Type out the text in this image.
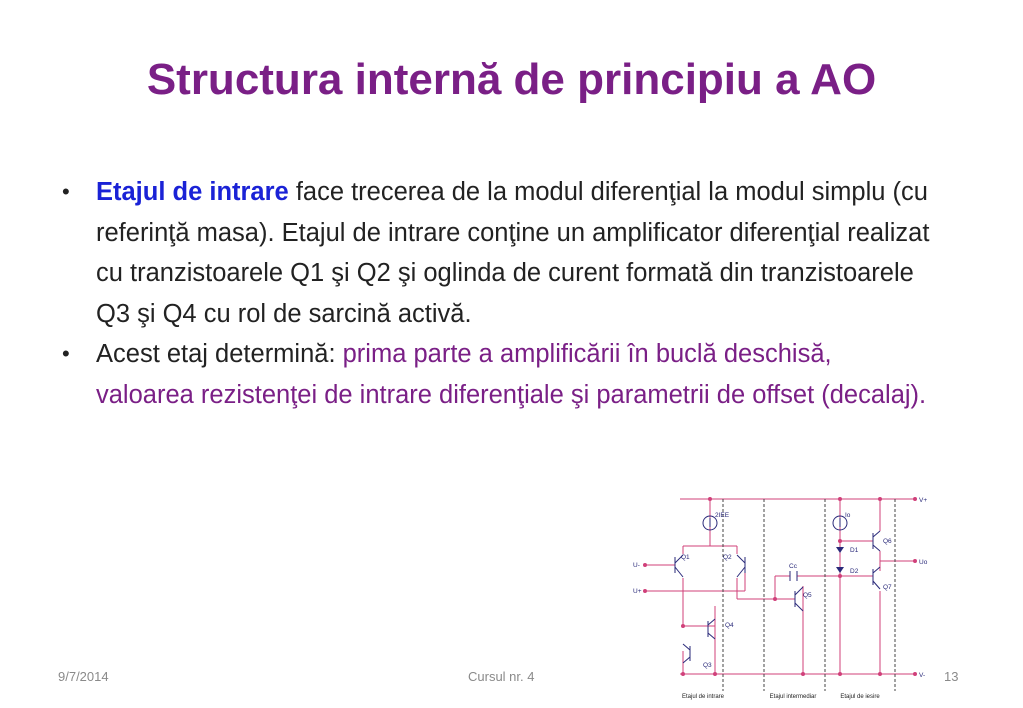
Structura internă de principiu a AO
• Etajul de intrare face trecerea de la modul diferenţial la modul simplu (cu referinţă masa). Etajul de intrare conţine un amplificator diferenţial realizat cu tranzistoarele Q1 şi Q2 şi oglinda de curent formată din tranzistoarele Q3 şi Q4 cu rol de sarcină activă.
• Acest etaj determină: prima parte a amplificării în buclă deschisă, valoarea rezistenţei de intrare diferenţiale şi parametrii de offset (decalaj).
V+
V-
U-
U+
Uo
2IEE	Io
Cc
Q1	Q2
Q3
Q4
Q5
Q6
Q7
D1
D2
Etajul de intrare	Etajul intermediar	Etajul de iesire
9/7/2014	Cursul nr. 4	13
